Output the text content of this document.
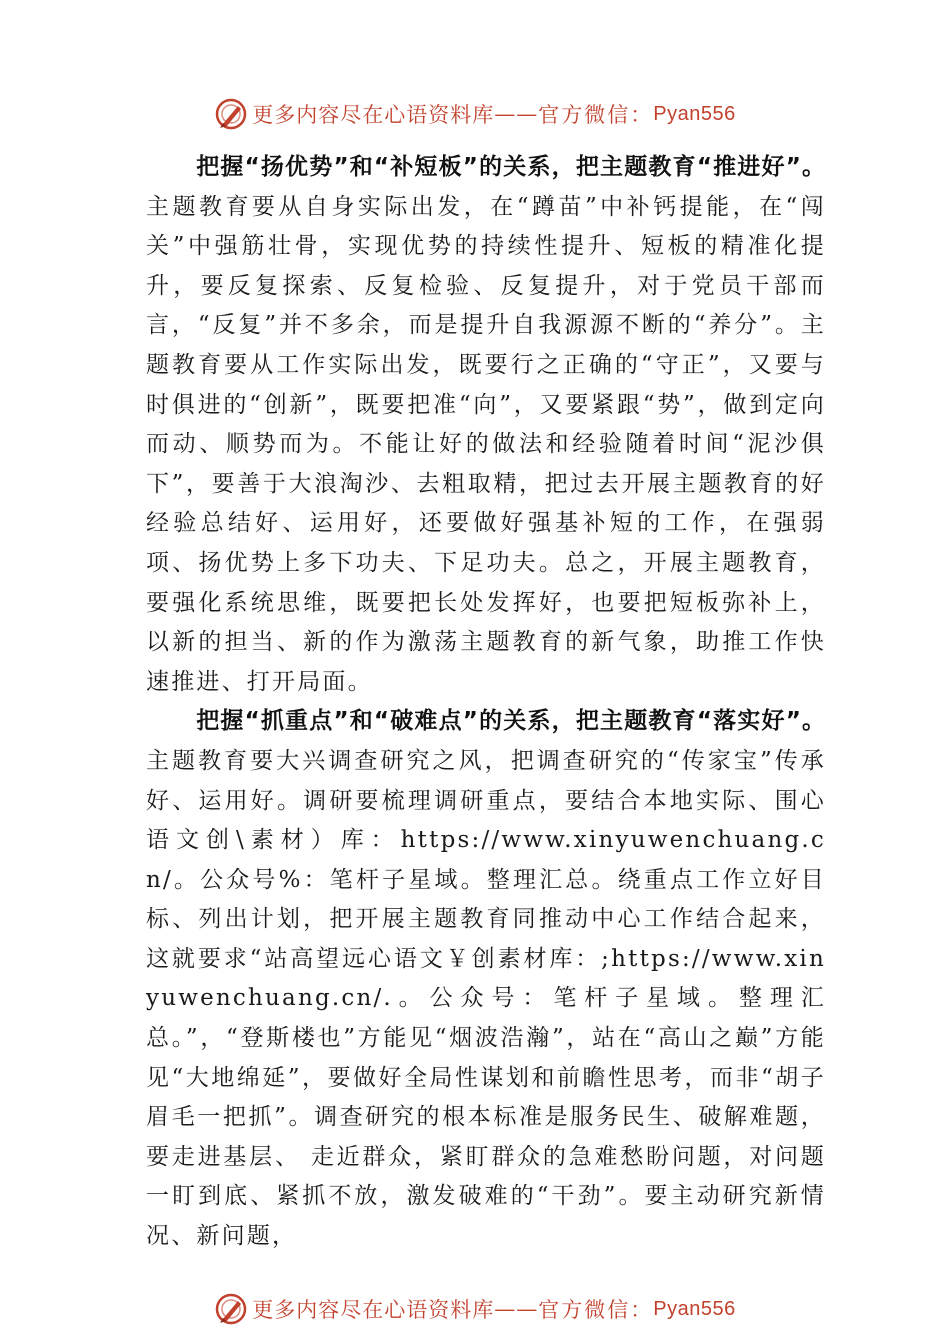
更多内容尽在心语资料库 —— 官方微信： Pyan556

把握“扬优势”和“补短板”的关系，把主题教育“推进好”。主题教育要从自身实际出发，在“蹲苗”中补钙提能，在“闯关”中强筋壮骨，实现优势的持续性提升、短板的精准化提升，要反复探索、反复检验、反复提升，对于党员干部而言，“反复”并不多余，而是提升自我源源不断的“养分”。主题教育要从工作实际出发，既要行之正确的“守正”，又要与时俱进的“创新”，既要把准“向”，又要紧跟“势”，做到定向而动、顺势而为。不能让好的做法和经验随着时间“泥沙俱下”，要善于大浪淘沙、去粗取精，把过去开展主题教育的好经验总结好、运用好，还要做好强基补短的工作，在强弱项、扬优势上多下功夫、下足功夫。总之，开展主题教育， 要强化系统思维，既要把长处发挥好，也要把短板弥补上， 以新的担当、新的作为激荡主题教育的新气象，助推工作快速推进、打开局面。

把握“抓重点”和“破难点”的关系，把主题教育“落实好”。主题教育要大兴调查研究之风，把调查研究的“传家宝”传承好、运用好。调研要梳理调研重点，要结合本地实际、围心语文创\素材）库：https://www.xinyuwenchuang.cn/。公众号%：笔杆子星域。整理汇总。绕重点工作立好目标、列出计划，把开展主题教育同推动中心工作结合起来，这就要求“站高望远心语文￥创素材库：;https://www.xinyuwenchuang.cn/.。公众号：笔杆子星域。整理汇总。”，“登斯楼也”方能见“烟波浩瀚”，站在“高山之巅”方能见“大地绵延”，要做好全局性谋划和前瞻性思考，而非“胡子眉毛一把抓”。调查研究的根本标准是服务民生、破解难题，要走进基层、 走近群众，紧盯群众的急难愁盼问题，对问题一盯到底、紧抓不放，激发破难的“干劲”。要主动研究新情况、新问题，

更多内容尽在心语资料库 —— 官方微信： Pyan556
